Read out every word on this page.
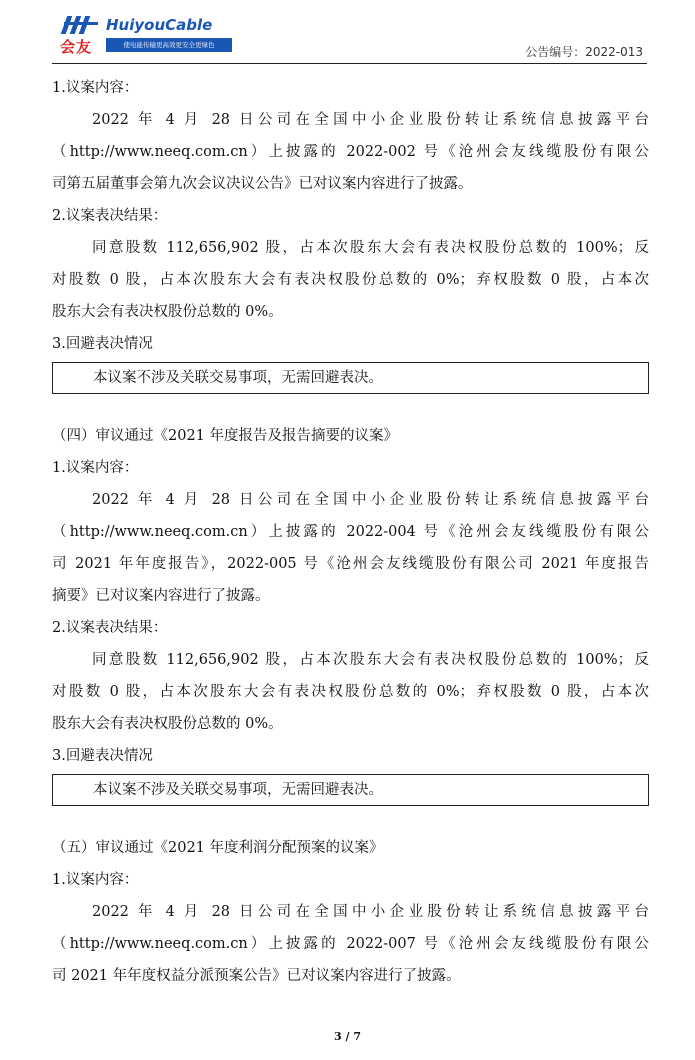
会友
HuiyouCable
使电能传输更高效更安全更绿色	公告编号：2022-013
1.议案内容：
2022 年 4 月 28 日公司在全国中小企业股份转让系统信息披露平台
（http://www.neeq.com.cn）上披露的 2022-002 号《沧州会友线缆股份有限公
司第五届董事会第九次会议决议公告》已对议案内容进行了披露。
2.议案表决结果：
同意股数 112,656,902 股，占本次股东大会有表决权股份总数的 100%；反
对股数 0 股，占本次股东大会有表决权股份总数的 0%；弃权股数 0 股，占本次
股东大会有表决权股份总数的 0%。
3.回避表决情况
本议案不涉及关联交易事项，无需回避表决。
（四）审议通过《2021 年度报告及报告摘要的议案》
1.议案内容：
2022 年 4 月 28 日公司在全国中小企业股份转让系统信息披露平台
（http://www.neeq.com.cn）上披露的 2022-004 号《沧州会友线缆股份有限公
司 2021 年年度报告》，2022-005 号《沧州会友线缆股份有限公司 2021 年度报告
摘要》已对议案内容进行了披露。
2.议案表决结果：
同意股数 112,656,902 股，占本次股东大会有表决权股份总数的 100%；反
对股数 0 股，占本次股东大会有表决权股份总数的 0%；弃权股数 0 股，占本次
股东大会有表决权股份总数的 0%。
3.回避表决情况
本议案不涉及关联交易事项，无需回避表决。
（五）审议通过《2021 年度利润分配预案的议案》
1.议案内容：
2022 年 4 月 28 日公司在全国中小企业股份转让系统信息披露平台
（http://www.neeq.com.cn）上披露的 2022-007 号《沧州会友线缆股份有限公
司 2021 年年度权益分派预案公告》已对议案内容进行了披露。
3 / 7
